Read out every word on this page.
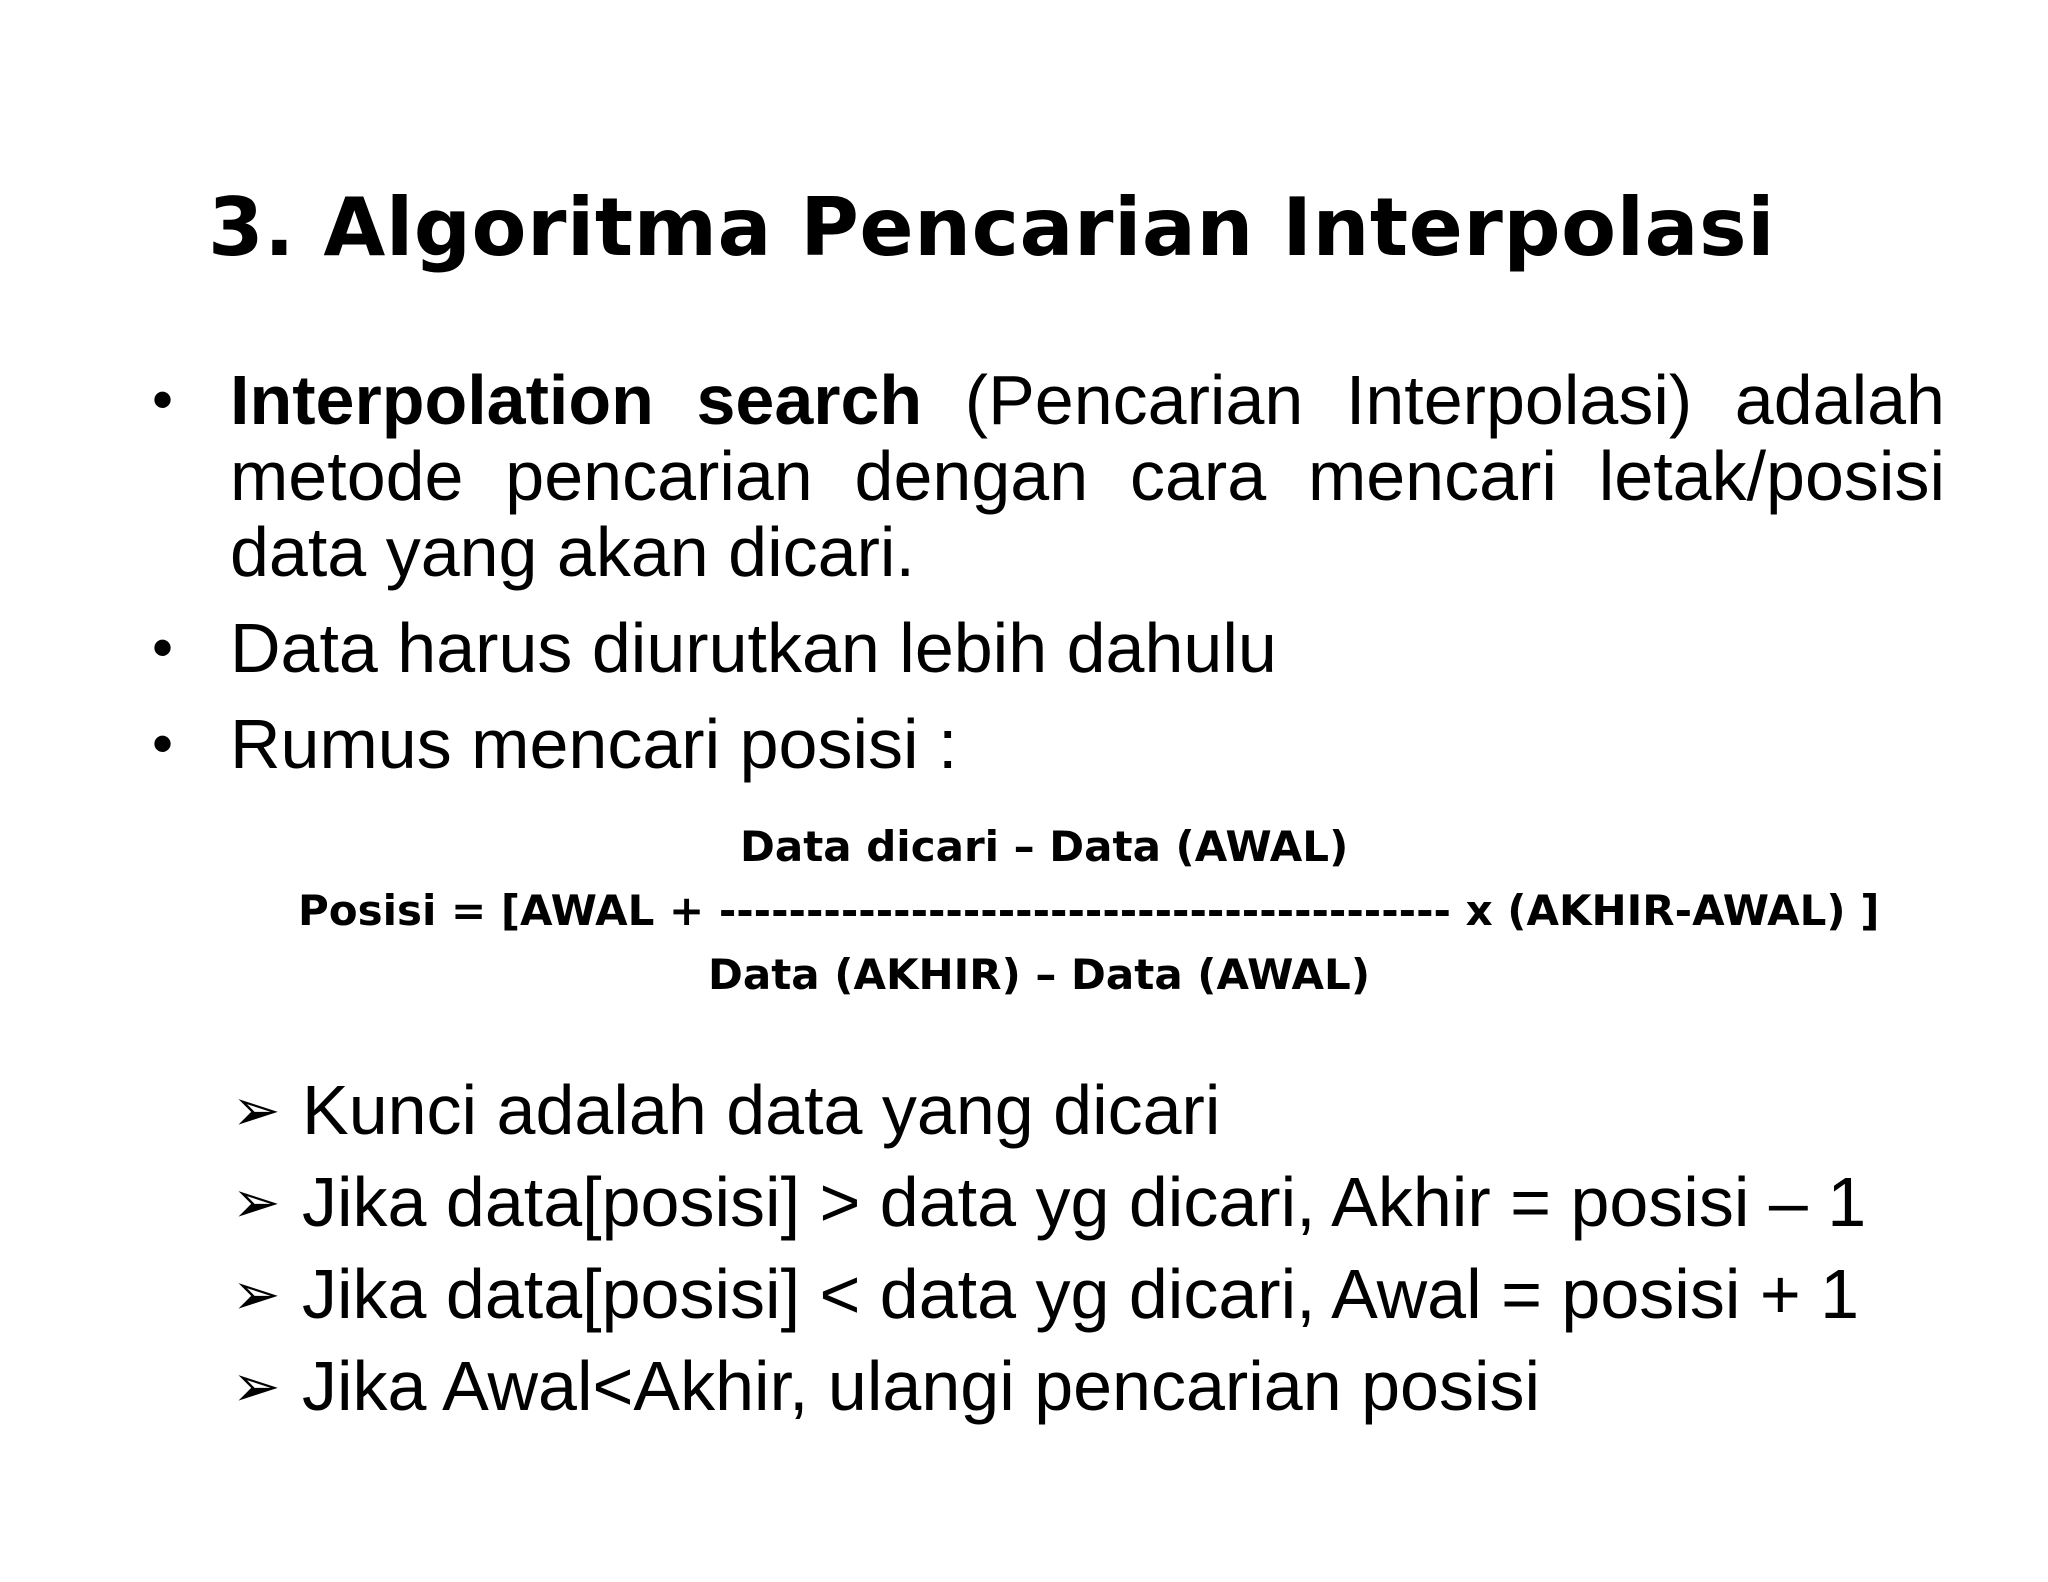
3. Algoritma Pencarian Interpolasi
• Interpolation search (Pencarian Interpolasi) adalah metode pencarian dengan cara mencari letak/posisi data yang akan dicari.
• Data harus diurutkan lebih dahulu
• Rumus mencari posisi :
Data dicari – Data (AWAL)
Posisi = [AWAL + ------------------------------------------ x (AKHIR-AWAL) ]
Data (AKHIR) – Data (AWAL)
➢ Kunci adalah data yang dicari
➢ Jika data[posisi] > data yg dicari, Akhir = posisi – 1
➢ Jika data[posisi] < data yg dicari, Awal = posisi + 1
➢ Jika Awal<Akhir, ulangi pencarian posisi
